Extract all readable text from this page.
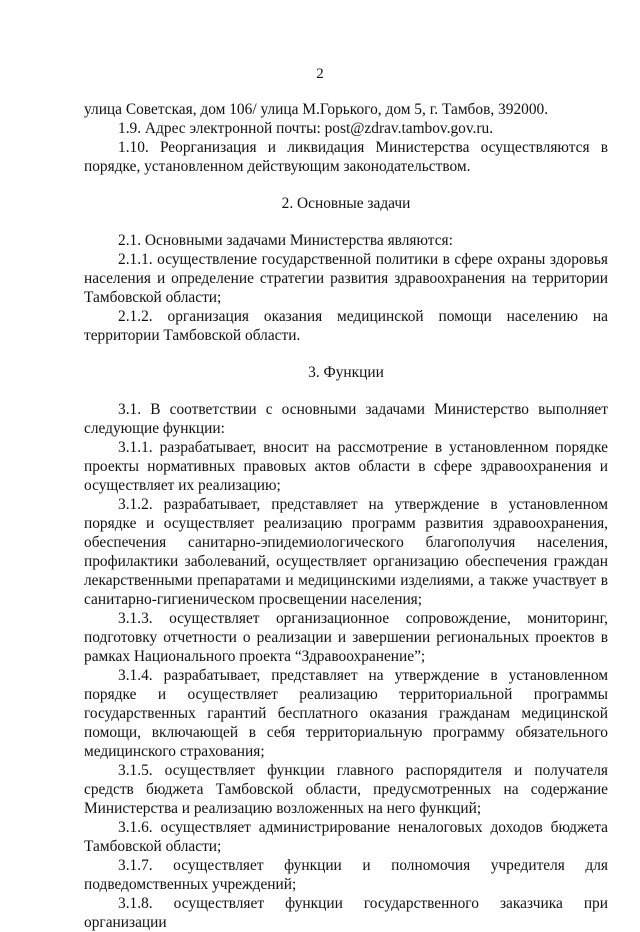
2

улица Советская, дом 106/ улица М.Горького, дом 5, г. Тамбов, 392000.

1.9. Адрес электронной почты: post@zdrav.tambov.gov.ru.

1.10. Реорганизация и ликвидация Министерства осуществляются в порядке, установленном действующим законодательством.

2. Основные задачи

2.1. Основными задачами Министерства являются:

2.1.1. осуществление государственной политики в сфере охраны здоровья населения и определение стратегии развития здравоохранения на территории Тамбовской области;

2.1.2. организация оказания медицинской помощи населению на территории Тамбовской области.

3. Функции

3.1. В соответствии с основными задачами Министерство выполняет следующие функции:

3.1.1. разрабатывает, вносит на рассмотрение в установленном порядке проекты нормативных правовых актов области в сфере здравоохранения и осуществляет их реализацию;

3.1.2. разрабатывает, представляет на утверждение в установленном порядке и осуществляет реализацию программ развития здравоохранения, обеспечения санитарно-эпидемиологического благополучия населения, профилактики заболеваний, осуществляет организацию обеспечения граждан лекарственными препаратами и медицинскими изделиями, а также участвует в санитарно-гигиеническом просвещении населения;

3.1.3. осуществляет организационное сопровождение, мониторинг, подготовку отчетности о реализации и завершении региональных проектов в рамках Национального проекта “Здравоохранение”;

3.1.4. разрабатывает, представляет на утверждение в установленном порядке и осуществляет реализацию территориальной программы государственных гарантий бесплатного оказания гражданам медицинской помощи, включающей в себя территориальную программу обязательного медицинского страхования;

3.1.5. осуществляет функции главного распорядителя и получателя средств бюджета Тамбовской области, предусмотренных на содержание Министерства и реализацию возложенных на него функций;

3.1.6. осуществляет администрирование неналоговых доходов бюджета Тамбовской области;

3.1.7. осуществляет функции и полномочия учредителя для подведомственных учреждений;

3.1.8. осуществляет функции государственного заказчика при организации
